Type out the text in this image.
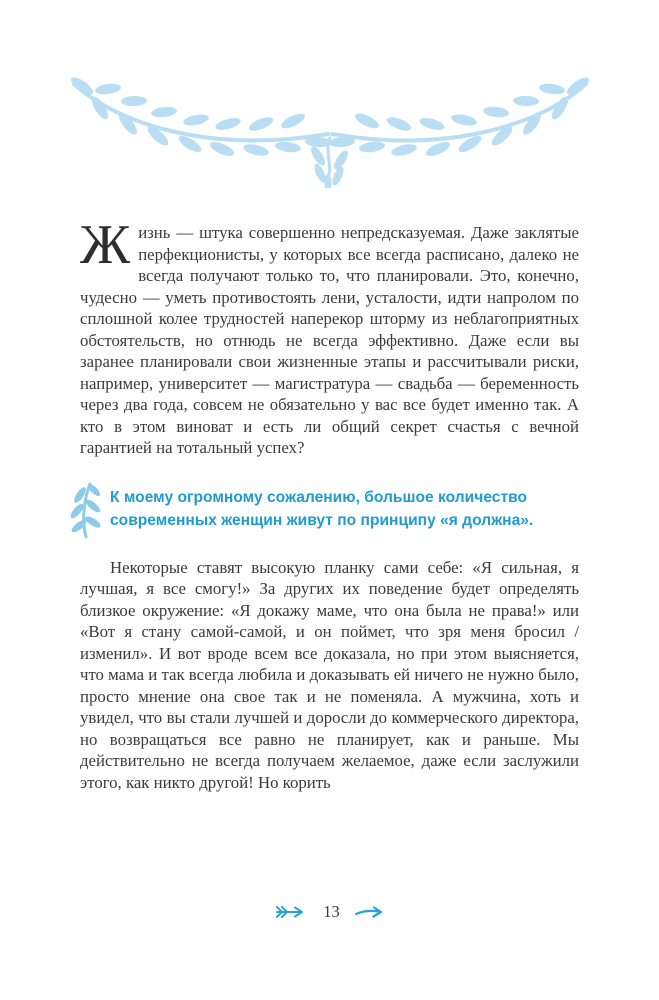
Жизнь — штука совершенно непредсказуемая. Даже заклятые перфекционисты, у которых все всегда расписано, далеко не всегда получают только то, что планировали. Это, конечно, чудесно — уметь противостоять лени, усталости, идти напролом по сплошной колее трудностей наперекор шторму из неблагоприятных обстоятельств, но отнюдь не всегда эффективно. Даже если вы заранее планировали свои жизненные этапы и рассчитывали риски, например, университет — магистратура — свадьба — беременность через два года, совсем не обязательно у вас все будет именно так. А кто в этом виноват и есть ли общий секрет счастья с вечной гарантией на тотальный успех?

К моему огромному сожалению, большое количество современных женщин живут по принципу «я должна».

Некоторые ставят высокую планку сами себе: «Я сильная, я лучшая, я все смогу!» За других их поведение будет определять близкое окружение: «Я докажу маме, что она была не права!» или «Вот я стану самой-самой, и он поймет, что зря меня бросил / изменил». И вот вроде всем все доказала, но при этом выясняется, что мама и так всегда любила и доказывать ей ничего не нужно было, просто мнение она свое так и не поменяла. А мужчина, хоть и увидел, что вы стали лучшей и доросли до коммерческого директора, но возвращаться все равно не планирует, как и раньше. Мы действительно не всегда получаем желаемое, даже если заслужили этого, как никто другой! Но корить

13
